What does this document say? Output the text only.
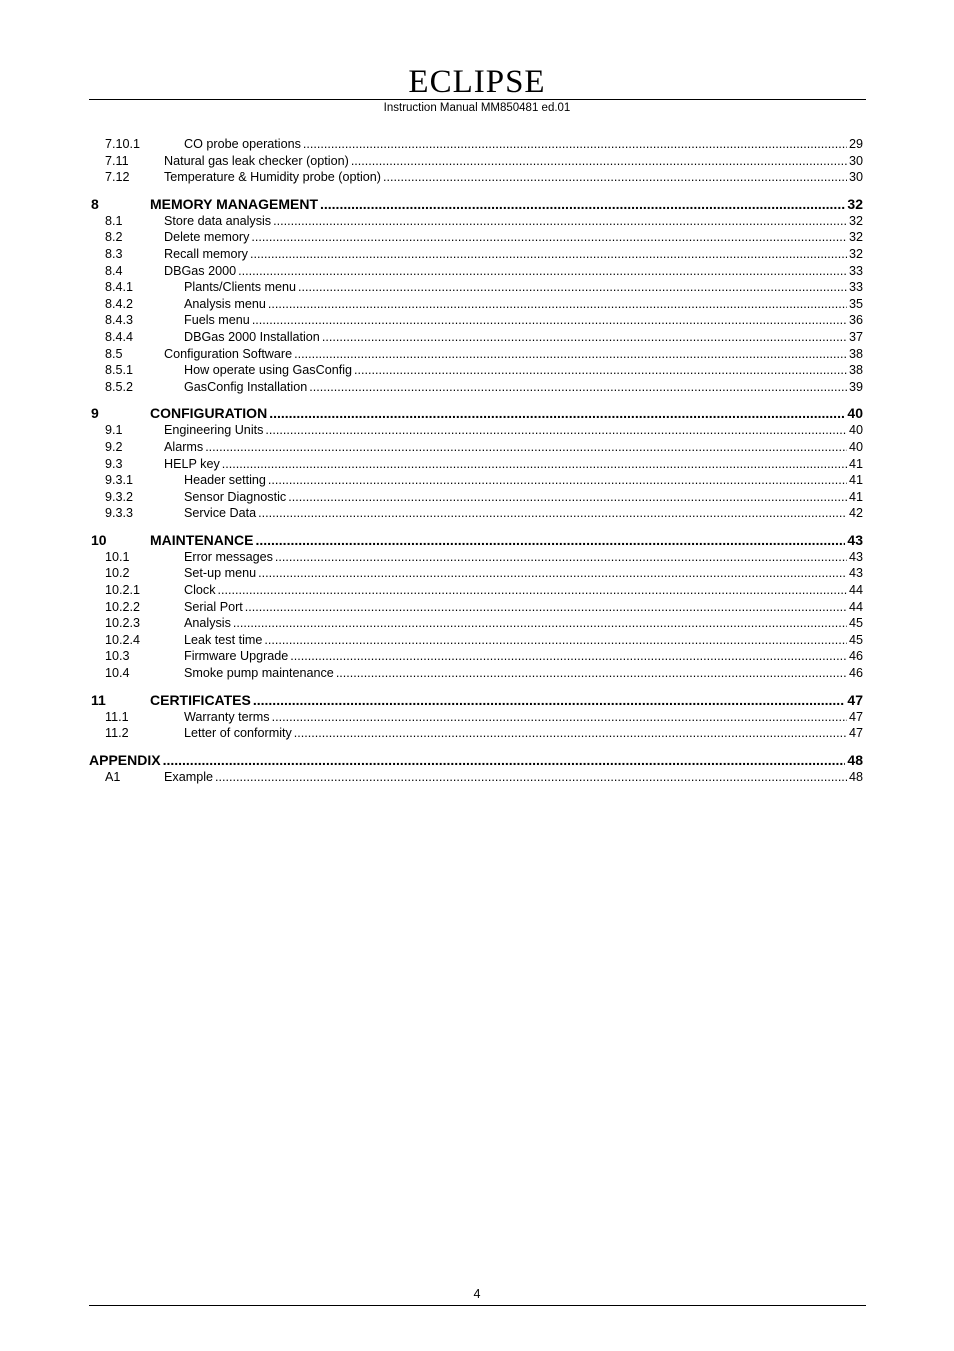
ECLIPSE
Instruction Manual MM850481 ed.01
7.10.1	CO probe operations .....	29
7.11	Natural gas leak checker (option) .....	30
7.12	Temperature & Humidity probe (option) .....	30
8	MEMORY MANAGEMENT .....	32
8.1	Store data analysis .....	32
8.2	Delete memory .....	32
8.3	Recall memory .....	32
8.4	DBGas 2000 .....	33
8.4.1	Plants/Clients menu .....	33
8.4.2	Analysis menu .....	35
8.4.3	Fuels menu .....	36
8.4.4	DBGas 2000 Installation .....	37
8.5	Configuration Software .....	38
8.5.1	How operate using GasConfig .....	38
8.5.2	GasConfig Installation .....	39
9	CONFIGURATION .....	40
9.1	Engineering Units .....	40
9.2	Alarms .....	40
9.3	HELP key .....	41
9.3.1	Header setting .....	41
9.3.2	Sensor Diagnostic .....	41
9.3.3	Service Data .....	42
10	MAINTENANCE .....	43
10.1	Error messages .....	43
10.2	Set-up menu .....	43
10.2.1	Clock .....	44
10.2.2	Serial Port .....	44
10.2.3	Analysis .....	45
10.2.4	Leak test time .....	45
10.3	Firmware Upgrade .....	46
10.4	Smoke pump maintenance .....	46
11	CERTIFICATES .....	47
11.1	Warranty terms .....	47
11.2	Letter of conformity .....	47
APPENDIX .....	48
A1	Example .....	48
4
